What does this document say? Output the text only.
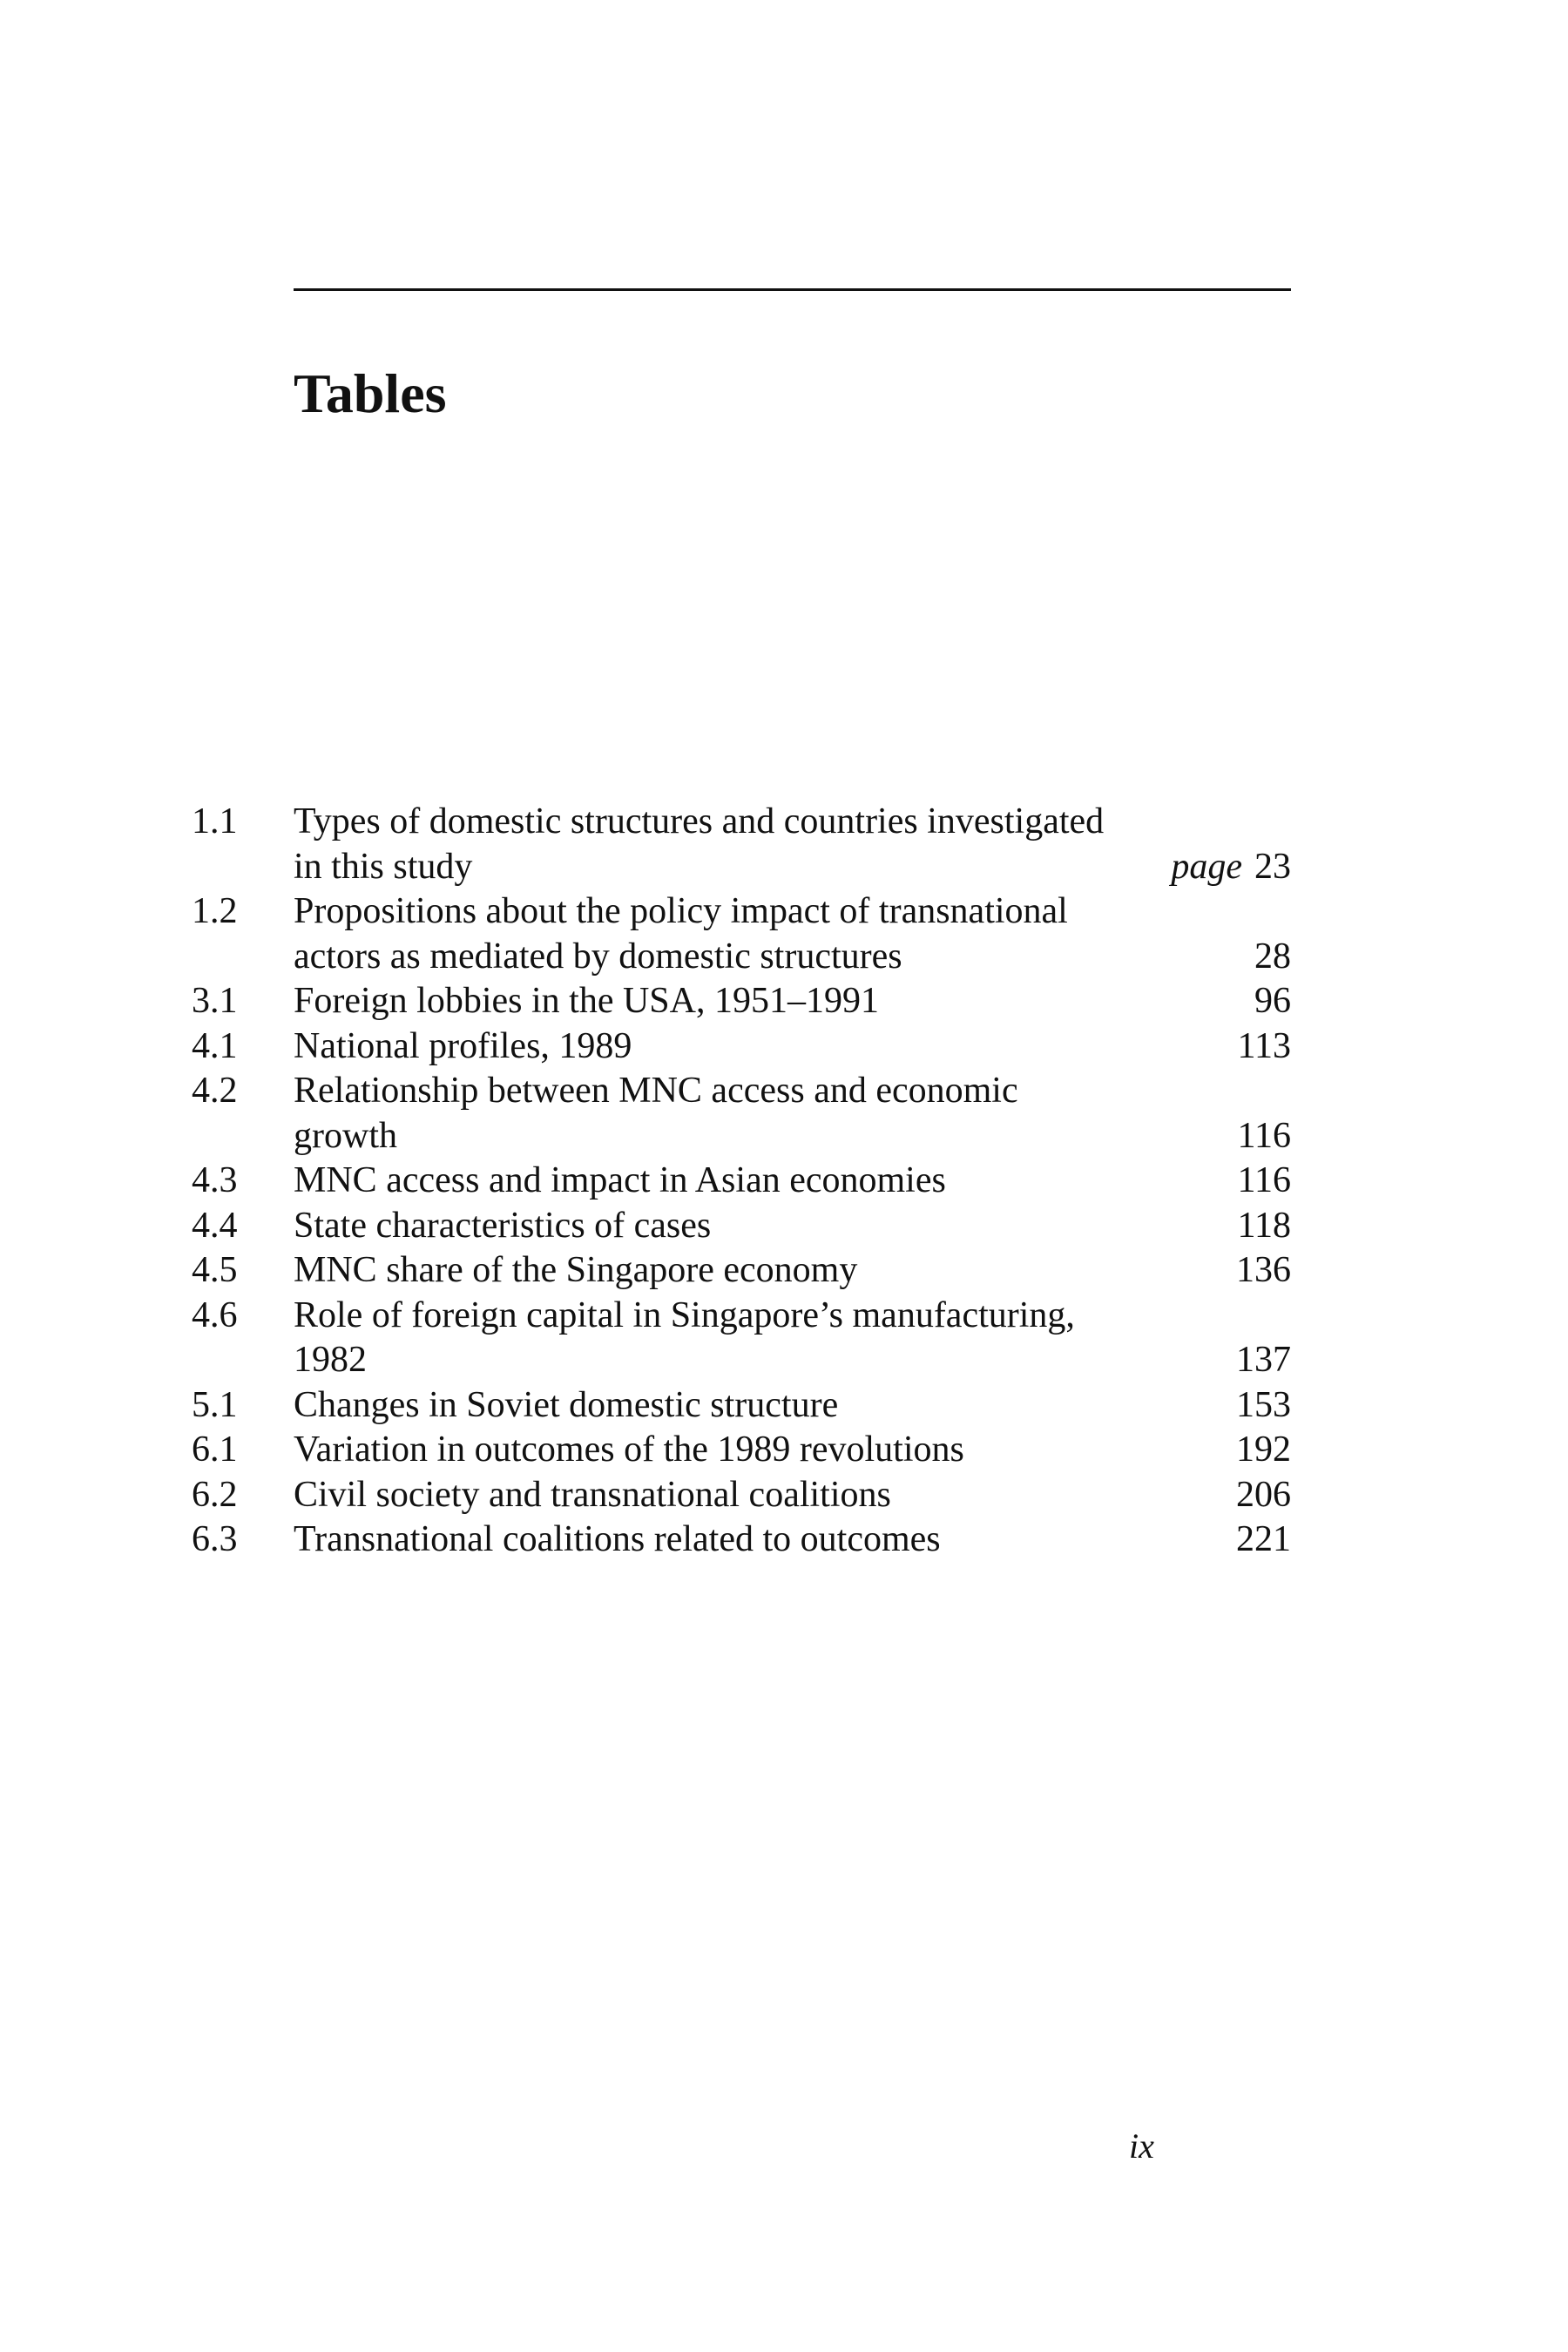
Tables
1.1	Types of domestic structures and countries investigated
in this study	page 23
1.2	Propositions about the policy impact of transnational
actors as mediated by domestic structures	28
3.1	Foreign lobbies in the USA, 1951–1991	96
4.1	National profiles, 1989	113
4.2	Relationship between MNC access and economic
growth	116
4.3	MNC access and impact in Asian economies	116
4.4	State characteristics of cases	118
4.5	MNC share of the Singapore economy	136
4.6	Role of foreign capital in Singapore’s manufacturing,
1982	137
5.1	Changes in Soviet domestic structure	153
6.1	Variation in outcomes of the 1989 revolutions	192
6.2	Civil society and transnational coalitions	206
6.3	Transnational coalitions related to outcomes	221
ix
